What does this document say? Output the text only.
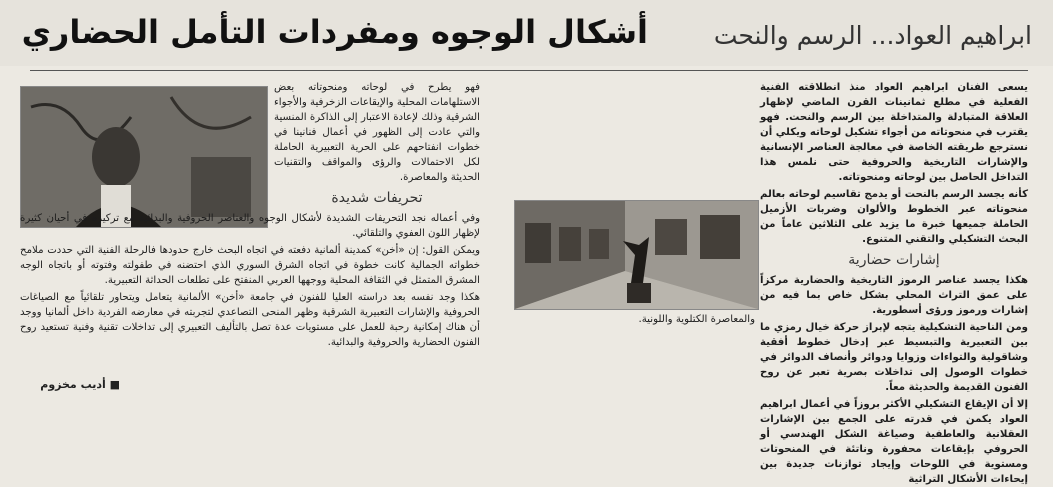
أشكال الوجوه ومفردات التأمل الحضاري	ابراهيم العواد... الرسم والنحت

يسعى الفنان ابراهيم العواد منذ انطلاقته الفنية الفعلية في مطلع ثمانينات القرن الماضي لإظهار العلاقة المتبادلة والمتداخلة بين الرسم والنحت. فهو يقترب في منحوتاته من أجواء تشكيل لوحاته ويكلي أن نسترجع طريقته الخاصة في معالجة العناصر الإنسانية والإشارات التاريخية والحروفية حتى نلمس هذا التداخل الحاصل بين لوحاته ومنحوتاته.

كأنه يجسد الرسم بالنحت أو يدمج تقاسيم لوحاته بعالم منحوتاته عبر الخطوط والألوان وضربات الأزميل الحاملة جميعها خبرة ما يزيد على الثلاثين عاماً من البحث التشكيلي والتقني المتنوع.

إشارات حضارية

هكذا يجسد عناصر الرموز التاريخية والحضارية مركزاً على عمق التراث المحلي بشكل خاص بما فيه من إشارات ورموز ورؤى أسطورية.

ومن الناحية التشكيلية يتجه لإبراز حركة خيال رمزي ما بين التعبيرية والتبسيط عبر إدخال خطوط أفقية وشاقولية والتواءات وزوايا ودوائر وأنصاف الدوائر في خطوات الوصول إلى تداخلات بصرية تعبر عن روح الفنون القديمة والحديثة معاً.

إلا أن الإيقاع التشكيلي الأكثر بروزاً في أعمال ابراهيم العواد يكمن في قدرته على الجمع بين الإشارات العقلانية والعاطفية وصياغة الشكل الهندسي أو الحروفي بإيقاعات محفورة وناتئة في المنحوتات ومستوية في اللوحات وإيجاد توازنات جديدة بين إيحاءات الأشكال التراثية

والمعاصرة الكتلوية واللونية.

فهو يطرح في لوحاته ومنحوتاته بعض الاستلهامات المحلية والإيقاعات الزخرفية والأجواء الشرقية وذلك لإعادة الاعتبار إلى الذاكرة المنسية والتي عادت إلى الظهور في أعمال فنانينا في خطوات انفتاحهم على الحرية التعبيرية الحاملة لكل الاحتمالات والرؤى والمواقف والتقنيات الحديثة والمعاصرة.

تحريفات شديدة

وفي أعماله نجد التحريفات الشديدة لأشكال الوجوه والعناصر الحروفية والبدائية مع تركيزه في أحيان كثيرة لإظهار اللون العفوي والتلقائي.

ويمكن القول: إن «أخن» كمدينة ألمانية دفعته في اتجاه البحث خارج حدودها فالرحلة الفنية التي حددت ملامح خطواته الجمالية كانت خطوة في اتجاه الشرق السوري الذي احتضنه في طفولته وفتوته أو باتجاه الوجه المشرق المتمثل في الثقافة المحلية ووجهها العربي المنفتح على تطلعات الحداثة التعبيرية.

هكذا وجد نفسه بعد دراسته العليا للفنون في جامعة «أخن» الألمانية يتعامل ويتحاور تلقائياً مع الصياغات الحروفية والإشارات التعبيرية الشرقية وظهر المنحى التصاعدي لتجربته في معارضه الفردية داخل ألمانيا ووجد أن هناك إمكانية رحبة للعمل على مستويات عدة تصل بالتأليف التعبيري إلى تداخلات تقنية وفنية تستعيد روح الفنون الحضارية والحروفية والبدائية.

■ أديب مخزوم
